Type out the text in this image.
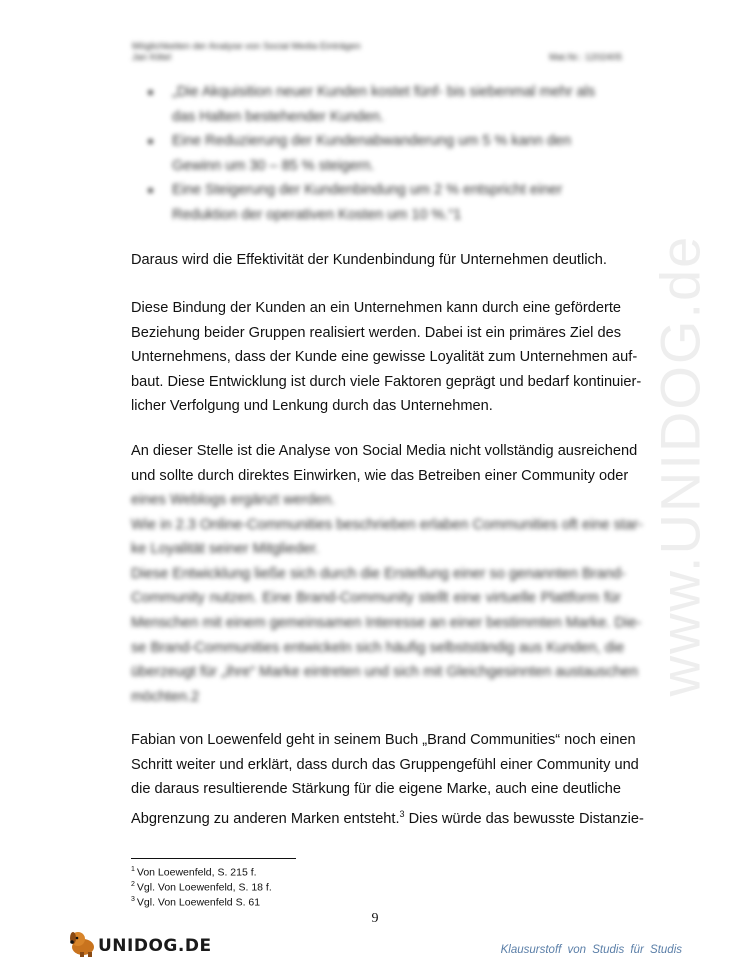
Möglichkeiten der Analyse von Social Media Einträgen
Jan Kittel	Mat.Nr.: 1202405
„Die Akquisition neuer Kunden kostet fünf- bis siebenmal mehr als das Halten bestehender Kunden.
Eine Reduzierung der Kundenabwanderung um 5 % kann den Gewinn um 30 – 85 % steigern.
Eine Steigerung der Kundenbindung um 2 % entspricht einer Reduktion der operativen Kosten um 10 %.“1
Daraus wird die Effektivität der Kundenbindung für Unternehmen deutlich.
Diese Bindung der Kunden an ein Unternehmen kann durch eine geförderte
Beziehung beider Gruppen realisiert werden. Dabei ist ein primäres Ziel des
Unternehmens, dass der Kunde eine gewisse Loyalität zum Unternehmen auf-
baut. Diese Entwicklung ist durch viele Faktoren geprägt und bedarf kontinuier-
licher Verfolgung und Lenkung durch das Unternehmen.
An dieser Stelle ist die Analyse von Social Media nicht vollständig ausreichend
und sollte durch direktes Einwirken, wie das Betreiben einer Community oder
eines Weblogs ergänzt werden.
Wie in 2.3 Online-Communities beschrieben erlaben Communities oft eine star-
ke Loyalität seiner Mitglieder.
Diese Entwicklung ließe sich durch die Erstellung einer so genannten Brand-
Community nutzen. Eine Brand-Community stellt eine virtuelle Plattform für
Menschen mit einem gemeinsamen Interesse an einer bestimmten Marke. Die-
se Brand-Communities entwickeln sich häufig selbstständig aus Kunden, die
überzeugt für „ihre“ Marke eintreten und sich mit Gleichgesinnten austauschen
möchten.2
Fabian von Loewenfeld geht in seinem Buch „Brand Communities“ noch einen
Schritt weiter und erklärt, dass durch das Gruppengefühl einer Community und
die daraus resultierende Stärkung für die eigene Marke, auch eine deutliche
Abgrenzung zu anderen Marken entsteht.$^3$ Dies würde das bewusste Distanzie-
$^1$ Von Loewenfeld, S. 215 f.
$^2$ Vgl. Von Loewenfeld, S. 18 f.
$^3$ Vgl. Von Loewenfeld S. 61
9
www.UNIDOG.de
UNIDOG.DE	Klausurstoff von Studis für Studis
